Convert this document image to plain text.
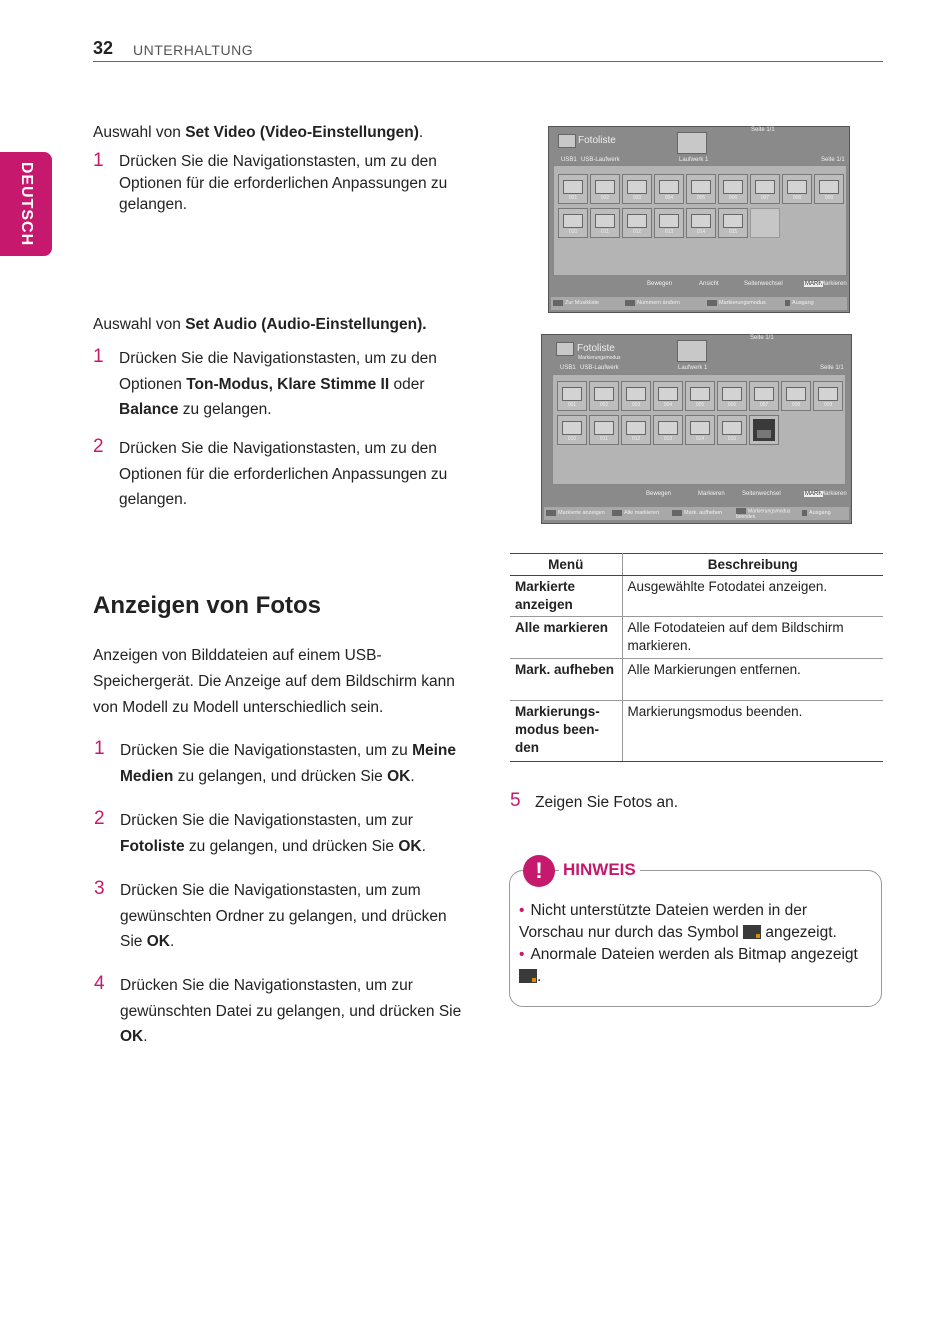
32 UNTERHALTUNG
DEUTSCH
Auswahl von Set Video (Video-Einstellungen).
1 Drücken Sie die Navigationstasten, um zu den Optionen für die erforderlichen Anpassungen zu gelangen.
Auswahl von Set Audio (Audio-Einstellungen).
1 Drücken Sie die Navigationstasten, um zu den Optionen Ton-Modus, Klare Stimme II oder Balance zu gelangen.
2 Drücken Sie die Navigationstasten, um zu den Optionen für die erforderlichen Anpassungen zu gelangen.
Anzeigen von Fotos
Anzeigen von Bilddateien auf einem USB-Speichergerät. Die Anzeige auf dem Bildschirm kann von Modell zu Modell unterschiedlich sein.
1 Drücken Sie die Navigationstasten, um zu Meine Medien zu gelangen, und drücken Sie OK.
2 Drücken Sie die Navigationstasten, um zur Fotoliste zu gelangen, und drücken Sie OK.
3 Drücken Sie die Navigationstasten, um zum gewünschten Ordner zu gelangen, und drücken Sie OK.
4 Drücken Sie die Navigationstasten, um zur gewünschten Datei zu gelangen, und drücken Sie OK.
Fotoliste
Seite 1/1
USB1 USB-Laufwerk	Laufwerk 1	Seite 1/1
001	002	003	004	005	006	007	008	009
010	011	012	013	014	015
Bewegen	Ansicht	Seitenwechsel	MARK
Markieren
Zur Musikliste	Nummern ändern	Markierungsmodus	Ausgang
Fotoliste
Markierungsmodus
Seite 1/1
USB1 USB-Laufwerk	Laufwerk 1	Seite 1/1
001	002	003	004	005	006	007	008	009
010	011	012	013	014	015
Bewegen	Markieren	Seitenwechsel	MARK
Markieren
Markierte anzeigen	Alle markieren	Mark. aufheben	Markierungsmodus beenden
Ausgang
Menü	Beschreibung
Markierte anzeigen	Ausgewählte Fotodatei anzeigen.
Alle markieren	Alle Fotodateien auf dem Bildschirm markieren.
Mark. aufheben	Alle Markierungen entfernen.
Markierungs-modus been-den	Markierungsmodus beenden.
5 Zeigen Sie Fotos an.
!	HINWEIS
• Nicht unterstützte Dateien werden in der Vorschau nur durch das Symbol angezeigt.
• Anormale Dateien werden als Bitmap angezeigt .
